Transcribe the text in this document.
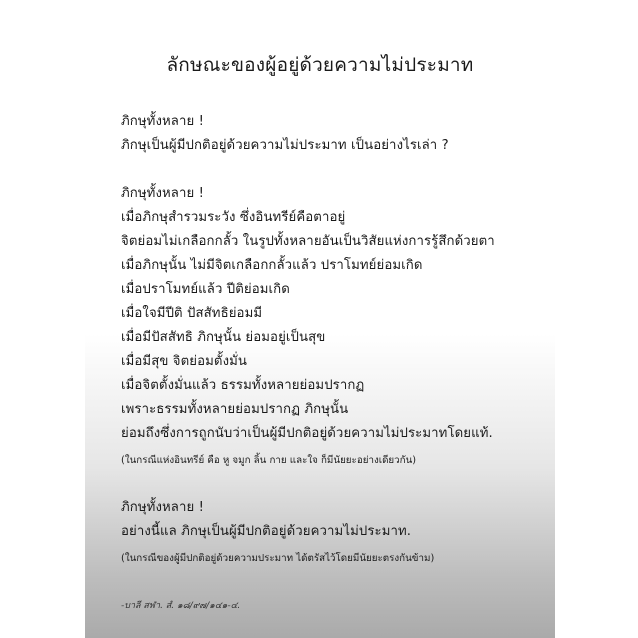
ลักษณะของผู้อยู่ด้วยความไม่ประมาท
ภิกษุทั้งหลาย !
ภิกษุเป็นผู้มีปกติอยู่ด้วยความไม่ประมาท เป็นอย่างไรเล่า ?
ภิกษุทั้งหลาย !
เมื่อภิกษุสำรวมระวัง ซึ่งอินทรีย์คือตาอยู่
จิตย่อมไม่เกลือกกลั้ว ในรูปทั้งหลายอันเป็นวิสัยแห่งการรู้สึกด้วยตา
เมื่อภิกษุนั้น ไม่มีจิตเกลือกกลั้วแล้ว ปราโมทย์ย่อมเกิด
เมื่อปราโมทย์แล้ว ปีติย่อมเกิด
เมื่อใจมีปีติ ปัสสัทธิย่อมมี
เมื่อมีปัสสัทธิ ภิกษุนั้น ย่อมอยู่เป็นสุข
เมื่อมีสุข จิตย่อมตั้งมั่น
เมื่อจิตตั้งมั่นแล้ว ธรรมทั้งหลายย่อมปรากฏ
เพราะธรรมทั้งหลายย่อมปรากฏ ภิกษุนั้น
ย่อมถึงซึ่งการถูกนับว่าเป็นผู้มีปกติอยู่ด้วยความไม่ประมาทโดยแท้.
(ในกรณีแห่งอินทรีย์ คือ หู จมูก ลิ้น กาย และใจ ก็มีนัยยะอย่างเดียวกัน)
ภิกษุทั้งหลาย !
อย่างนี้แล ภิกษุเป็นผู้มีปกติอยู่ด้วยความไม่ประมาท.
(ในกรณีของผู้มีปกติอยู่ด้วยความประมาท ได้ตรัสไว้โดยมีนัยยะตรงกันข้าม)
-บาลี สฬา. สํ. ๑๘/๙๗/๑๔๑-๔.
